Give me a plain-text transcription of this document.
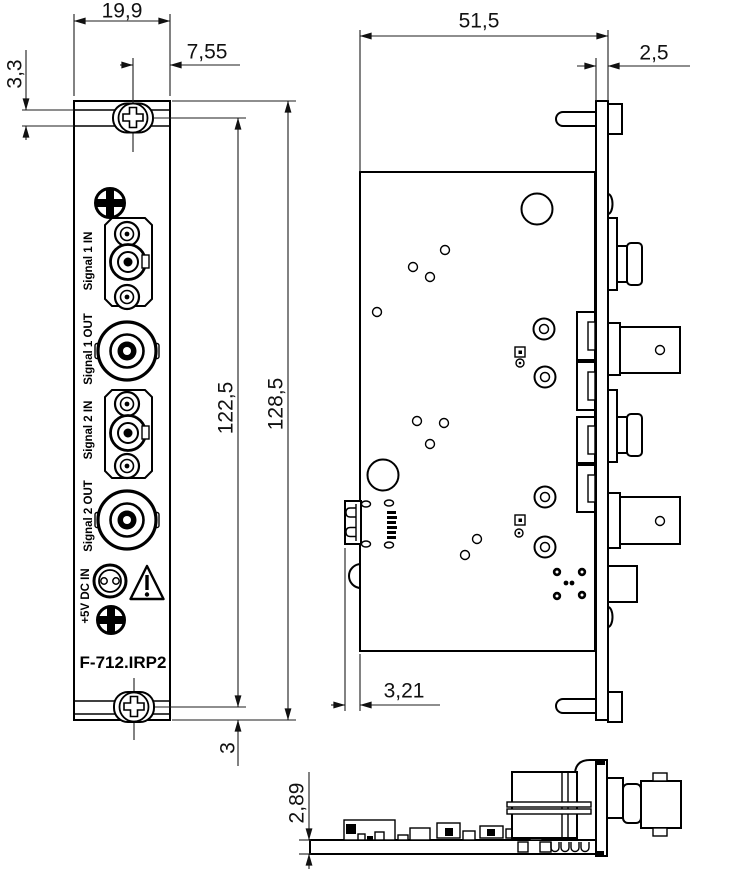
Signal 1 IN
Signal 1 OUT
Signal 2 IN
Signal 2 OUT
+5V DC IN
F-712.IRP2
19,9
7,55
3,3
122,5 128,5
3
51,5
2,5
3,21
2,89
